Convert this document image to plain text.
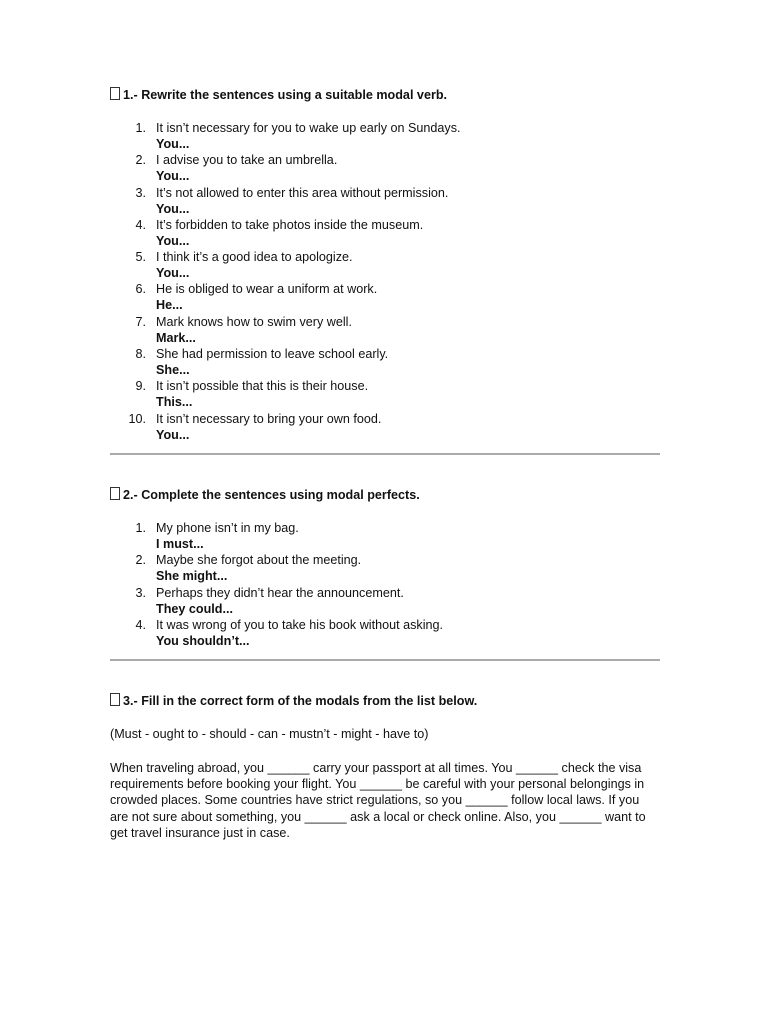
1.- Rewrite the sentences using a suitable modal verb.
1. It isn’t necessary for you to wake up early on Sundays.
You...
2. I advise you to take an umbrella.
You...
3. It’s not allowed to enter this area without permission.
You...
4. It’s forbidden to take photos inside the museum.
You...
5. I think it’s a good idea to apologize.
You...
6. He is obliged to wear a uniform at work.
He...
7. Mark knows how to swim very well.
Mark...
8. She had permission to leave school early.
She...
9. It isn’t possible that this is their house.
This...
10. It isn’t necessary to bring your own food.
You...
2.- Complete the sentences using modal perfects.
1. My phone isn’t in my bag.
I must...
2. Maybe she forgot about the meeting.
She might...
3. Perhaps they didn’t hear the announcement.
They could...
4. It was wrong of you to take his book without asking.
You shouldn’t...
3.- Fill in the correct form of the modals from the list below.

(Must - ought to - should - can - mustn’t - might - have to)

When traveling abroad, you ______ carry your passport at all times. You ______ check the visa requirements before booking your flight. You ______ be careful with your personal belongings in crowded places. Some countries have strict regulations, so you ______ follow local laws. If you are not sure about something, you ______ ask a local or check online. Also, you ______ want to get travel insurance just in case.
